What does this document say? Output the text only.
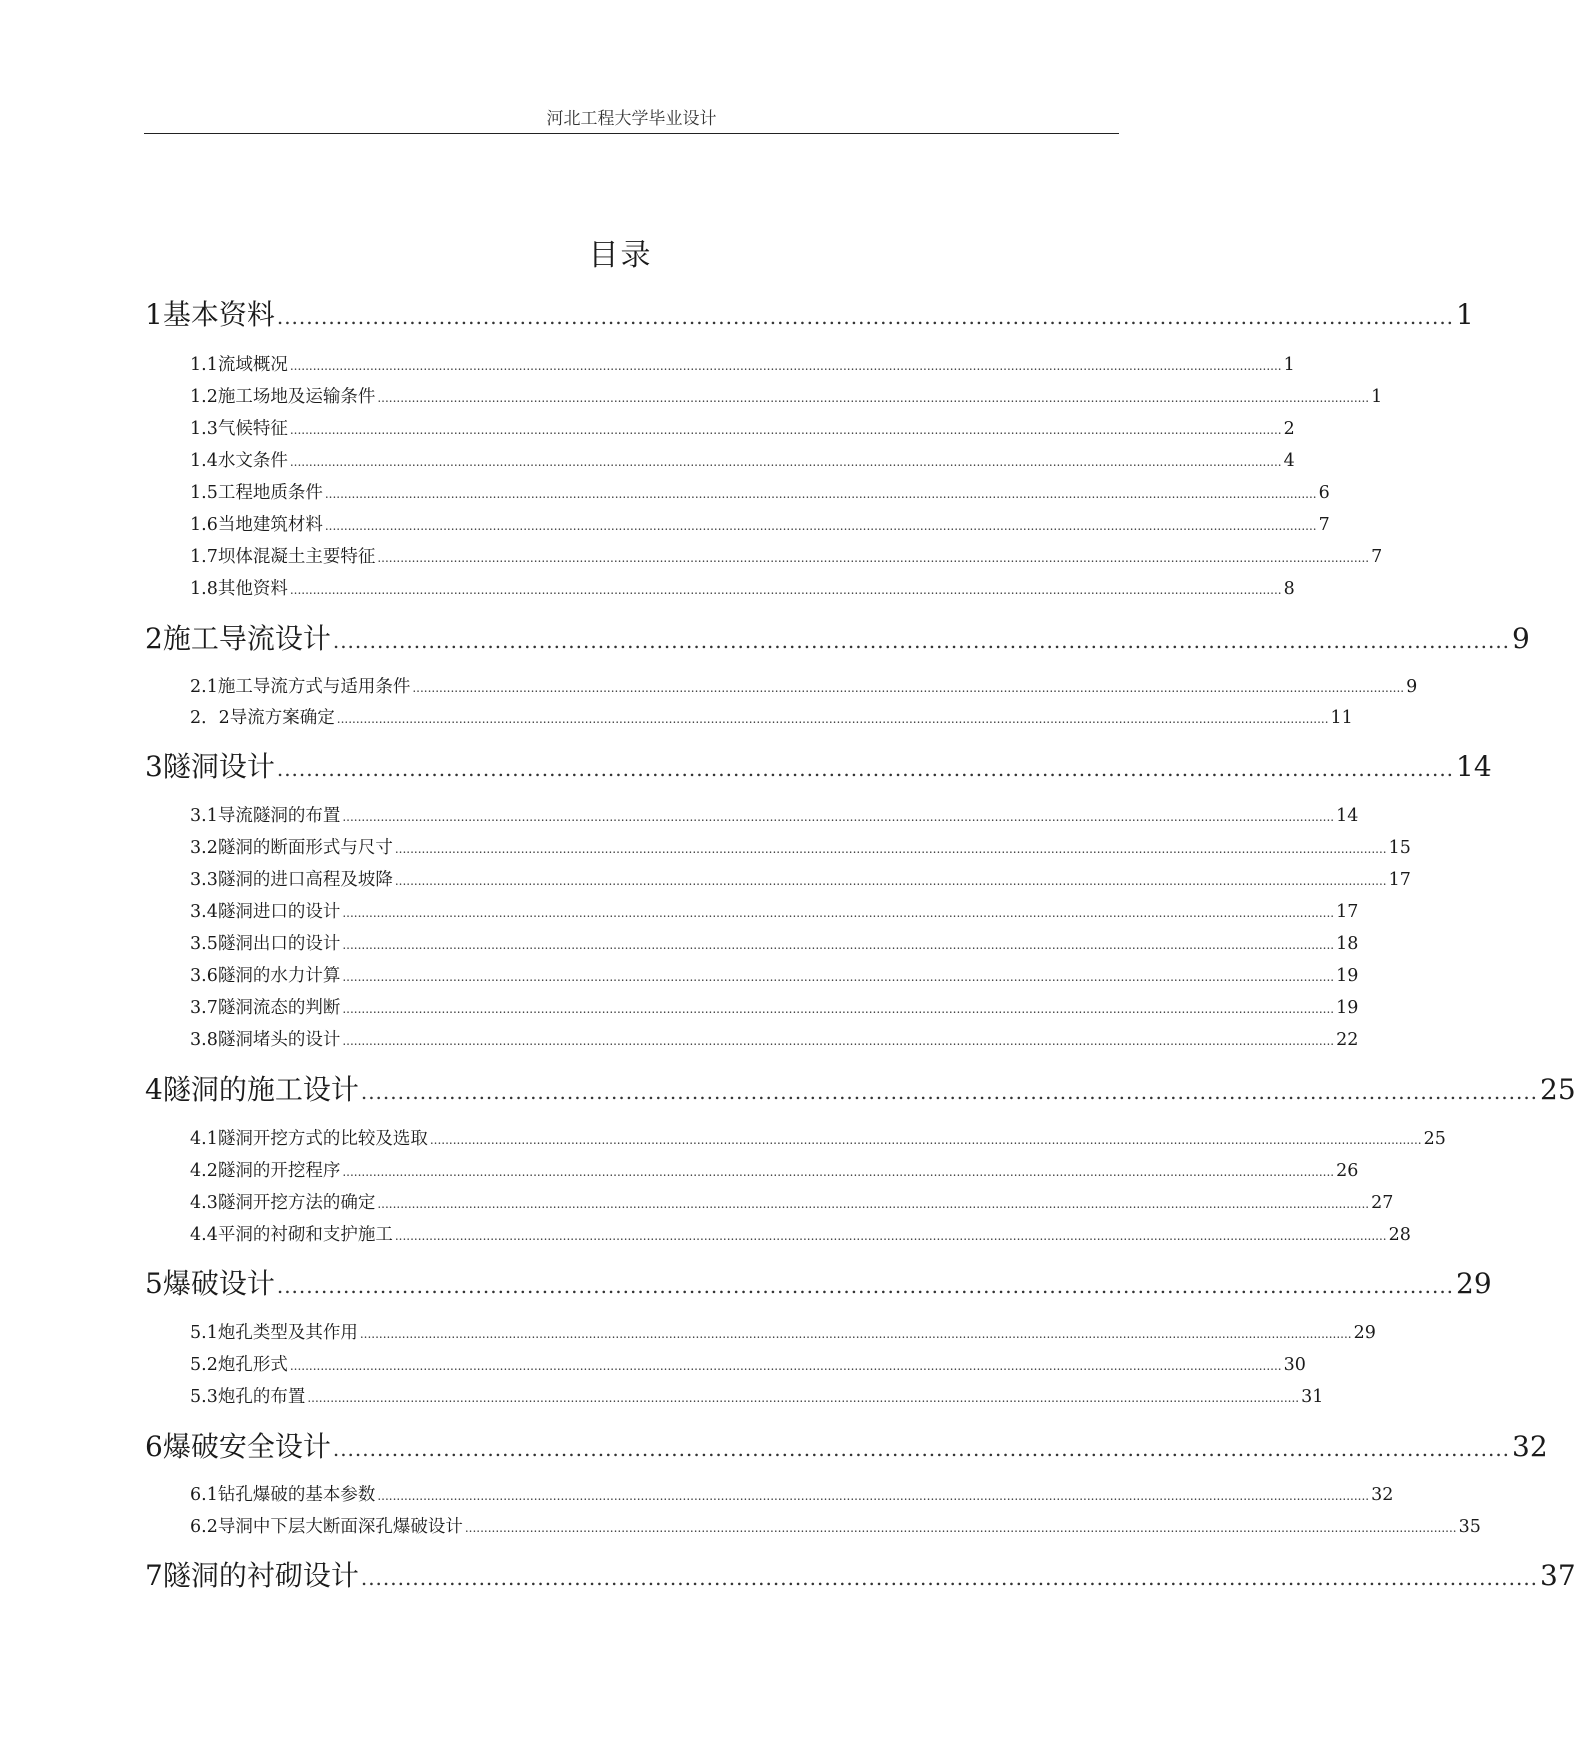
河北工程大学毕业设计
目录
1 基本资料 ................................................................................................................................................................ 1
1.1 流域概况 .................................................................................................................................................................................................................................................................... 1
1.2 施工场地及运输条件 .................................................................................................................................................................................................................................................................... 1
1.3 气候特征 .................................................................................................................................................................................................................................................................... 2
1.4 水文条件 .................................................................................................................................................................................................................................................................... 4
1.5 工程地质条件 .................................................................................................................................................................................................................................................................... 6
1.6 当地建筑材料 .................................................................................................................................................................................................................................................................... 7
1.7 坝体混凝土主要特征 .................................................................................................................................................................................................................................................................... 7
1.8 其他资料 .................................................................................................................................................................................................................................................................... 8
2 施工导流设计 ................................................................................................................................................................ 9
2.1 施工导流方式与适用条件 .................................................................................................................................................................................................................................................................... 9
2．2 导流方案确定 .................................................................................................................................................................................................................................................................... 11
3 隧洞设计 ................................................................................................................................................................ 14
3.1 导流隧洞的布置 .................................................................................................................................................................................................................................................................... 14
3.2 隧洞的断面形式与尺寸 .................................................................................................................................................................................................................................................................... 15
3.3 隧洞的进口高程及坡降 .................................................................................................................................................................................................................................................................... 17
3.4 隧洞进口的设计 .................................................................................................................................................................................................................................................................... 17
3.5 隧洞出口的设计 .................................................................................................................................................................................................................................................................... 18
3.6 隧洞的水力计算 .................................................................................................................................................................................................................................................................... 19
3.7 隧洞流态的判断 .................................................................................................................................................................................................................................................................... 19
3.8 隧洞堵头的设计 .................................................................................................................................................................................................................................................................... 22
4 隧洞的施工设计 ................................................................................................................................................................ 25
4.1 隧洞开挖方式的比较及选取 .................................................................................................................................................................................................................................................................... 25
4.2 隧洞的开挖程序 .................................................................................................................................................................................................................................................................... 26
4.3 隧洞开挖方法的确定 .................................................................................................................................................................................................................................................................... 27
4.4 平洞的衬砌和支护施工 .................................................................................................................................................................................................................................................................... 28
5 爆破设计 ................................................................................................................................................................ 29
5.1 炮孔类型及其作用 .................................................................................................................................................................................................................................................................... 29
5.2 炮孔形式 .................................................................................................................................................................................................................................................................... 30
5.3 炮孔的布置 .................................................................................................................................................................................................................................................................... 31
6 爆破安全设计 ................................................................................................................................................................ 32
6.1 钻孔爆破的基本参数 .................................................................................................................................................................................................................................................................... 32
6.2 导洞中下层大断面深孔爆破设计 .................................................................................................................................................................................................................................................................... 35
7 隧洞的衬砌设计 ................................................................................................................................................................ 37
